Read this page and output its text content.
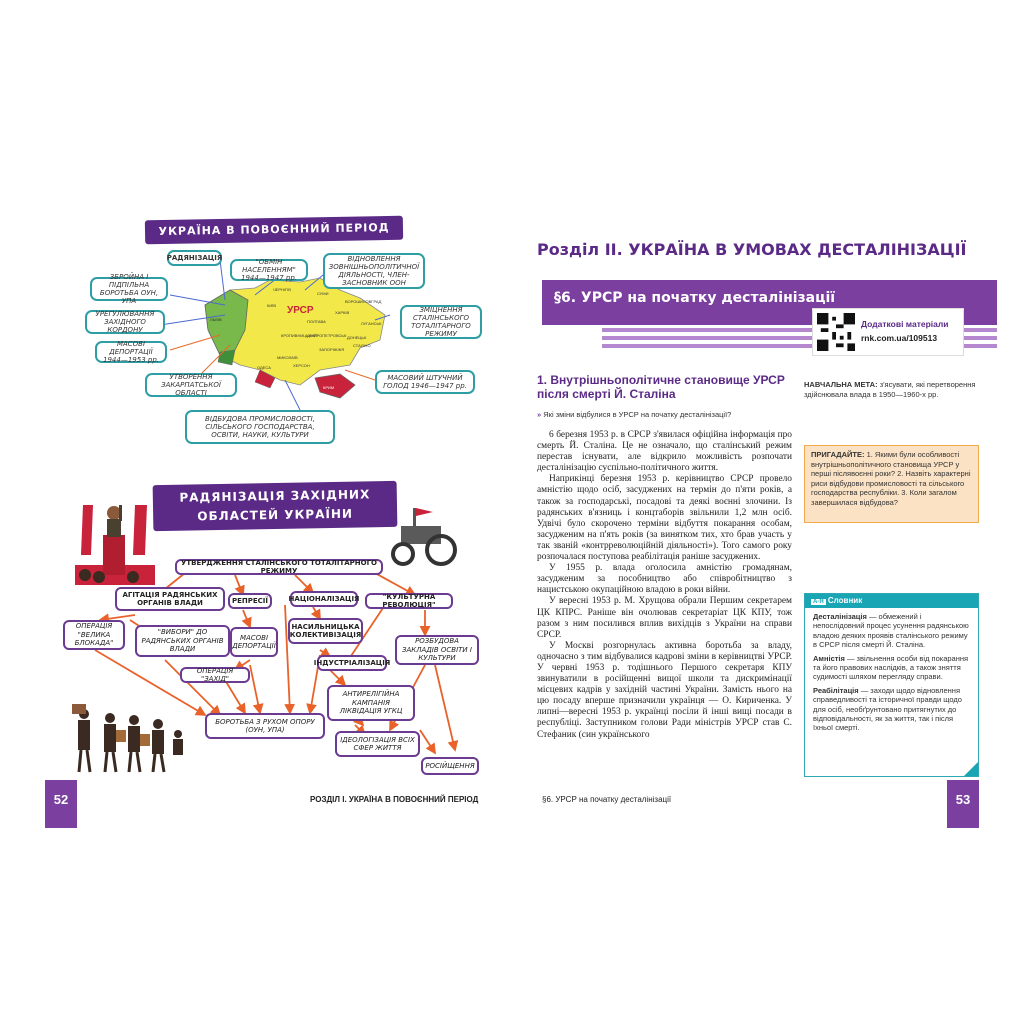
УКРАЇНА В ПОВОЄННИЙ ПЕРІОД
УРСР
ЧЕРНІГІВ
СУМИ
ХАРКІВ
ЛУГАНСЬК
ДОНЕЦЬК
ЗАПОРІЖЖЯ
ДНІПРОПЕТРОВСЬК
ПОЛТАВА
КИЇВ
ЛЬВІВ
ОДЕСА
МИКОЛАЇВ
ХЕРСОН
КРИМ
ВОРОШИЛОВГРАД
СТАЛІНО
КРОПИВНИЦЬКИЙ
РАДЯНІЗАЦІЯ	"ОБМІН НАСЕЛЕННЯМ" 1944—1947 рр.
ВІДНОВЛЕННЯ ЗОВНІШНЬОПОЛІТИЧНОЇ ДІЯЛЬНОСТІ, ЧЛЕН-ЗАСНОВНИК ООН
ЗБРОЙНА І ПІДПІЛЬНА БОРОТЬБА ОУН, УПА
УРЕГУЛЮВАННЯ ЗАХІДНОГО КОРДОНУ
ЗМІЦНЕННЯ СТАЛІНСЬКОГО ТОТАЛІТАРНОГО РЕЖИМУ
МАСОВІ ДЕПОРТАЦІЇ 1944—1953 рр.
УТВОРЕННЯ ЗАКАРПАТСЬКОЇ ОБЛАСТІ
МАСОВИЙ ШТУЧНИЙ ГОЛОД 1946—1947 рр.
ВІДБУДОВА ПРОМИСЛОВОСТІ, СІЛЬСЬКОГО ГОСПОДАРСТВА, ОСВІТИ, НАУКИ, КУЛЬТУРИ
РАДЯНІЗАЦІЯ ЗАХІДНИХ
ОБЛАСТЕЙ УКРАЇНИ
УТВЕРДЖЕННЯ СТАЛІНСЬКОГО ТОТАЛІТАРНОГО РЕЖИМУ
АГІТАЦІЯ РАДЯНСЬКИХ ОРГАНІВ ВЛАДИ	РЕПРЕСІЇ	НАЦІОНАЛІЗАЦІЯ	"КУЛЬТУРНА РЕВОЛЮЦІЯ"
ОПЕРАЦІЯ "ВЕЛИКА БЛОКАДА"
"ВИБОРИ" ДО РАДЯНСЬКИХ ОРГАНІВ ВЛАДИ
МАСОВІ ДЕПОРТАЦІЇ
НАСИЛЬНИЦЬКА КОЛЕКТИВІЗАЦІЯ
РОЗБУДОВА ЗАКЛАДІВ ОСВІТИ І КУЛЬТУРИ
ІНДУСТРІАЛІЗАЦІЯ
ОПЕРАЦІЯ "ЗАХІД"
АНТИРЕЛІГІЙНА КАМПАНІЯ ЛІКВІДАЦІЯ УГКЦ
БОРОТЬБА З РУХОМ ОПОРУ (ОУН, УПА)
ІДЕОЛОГІЗАЦІЯ ВСІХ СФЕР ЖИТТЯ
РОСІЙЩЕННЯ
52	РОЗДІЛ І. УКРАЇНА В ПОВОЄННИЙ ПЕРІОД
Розділ ІІ. УКРАЇНА В УМОВАХ ДЕСТАЛІНІЗАЦІЇ
§6. УРСР на початку десталінізації
Додаткові матеріали
rnk.com.ua/109513
1. Внутрішньополітичне становище УРСР після смерті Й. Сталіна
» Які зміни відбулися в УРСР на початку десталінізації?

6 березня 1953 р. в СРСР з'явилася офіційна інформація про смерть Й. Сталіна. Це не означало, що сталінський режим перестав існувати, але відкрило можливість розпочати десталінізацію суспільно-політичного життя.

Наприкінці березня 1953 р. керівництво СРСР провело амністію щодо осіб, засуджених на термін до п'яти років, а також за господарські, посадові та деякі воєнні злочини. Із радянських в'язниць і концтаборів звільнили 1,2 млн осіб. Удвічі було скорочено терміни відбуття покарання особам, засудженим на п'ять років (за винятком тих, хто брав участь у так званій «контрреволюційній діяльності»). Того самого року розпочалася поступова реабілітація раніше засуджених.

У 1955 р. влада оголосила амністію громадянам, засудженим за пособництво або співробітництво з нацистською окупаційною владою в роки війни.

У вересні 1953 р. М. Хрущова обрали Першим секретарем ЦК КПРС. Раніше він очолював секретаріат ЦК КПУ, тож разом з ним посилився вплив вихідців з України на справи СРСР.

У Москві розгорнулась активна боротьба за владу, одночасно з тим відбувалися кадрові зміни в керівництві УРСР. У червні 1953 р. тодішнього Першого секретаря КПУ звинуватили в російщенні вищої школи та дискримінації місцевих кадрів у західній частині України. Замість нього на цю посаду вперше призначили українця — О. Кириченка. У липні—вересні 1953 р. українці посіли й інші вищі посади в республіці. Заступником голови Ради міністрів УРСР став С. Стефаник (син українського

НАВЧАЛЬНА МЕТА: з'ясувати, які перетворення здійснювала влада в 1950—1960-х рр.
ПРИГАДАЙТЕ: 1. Якими були особливості внутрішньополітичного становища УРСР у перші післявоєнні роки? 2. Назвіть характерні риси відбудови промисловості та сільського господарства республіки. 3. Коли загалом завершилася відбудова?
А-Я Словник

Десталінізація — обмежений і непослідовний процес усунення радянською владою деяких проявів сталінського режиму в СРСР після смерті Й. Сталіна.

Амністія — звільнення особи від покарання та його правових наслідків, а також зняття судимості шляхом перегляду справи.

Реабілітація — заходи щодо відновлення справедливості та історичної правди щодо для осіб, необґрунтовано притягнутих до відповідальності, як за життя, так і після їхньої смерті.

§6. УРСР на початку десталінізації	53
